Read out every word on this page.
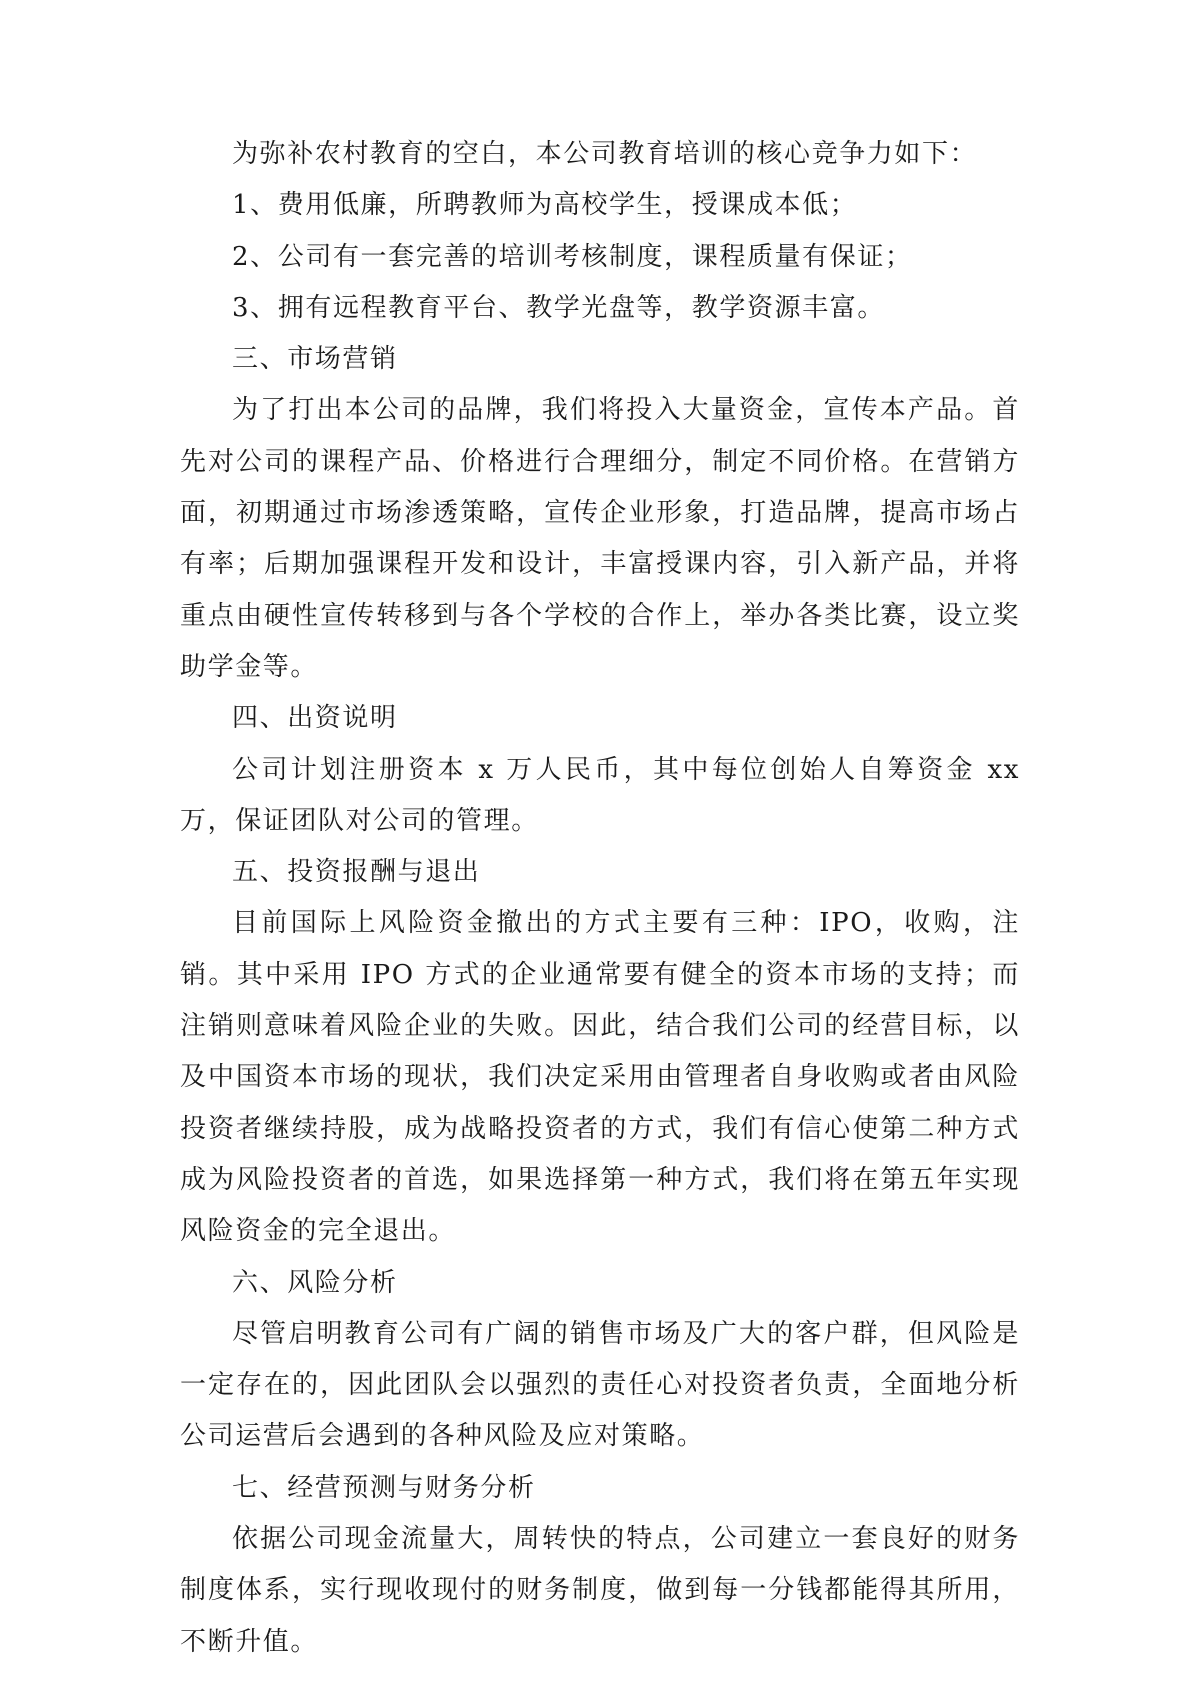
为弥补农村教育的空白，本公司教育培训的核心竞争力如下：

1、费用低廉，所聘教师为高校学生，授课成本低；

2、公司有一套完善的培训考核制度，课程质量有保证；

3、拥有远程教育平台、教学光盘等，教学资源丰富。

三、市场营销

为了打出本公司的品牌，我们将投入大量资金，宣传本产品。首先对公司的课程产品、价格进行合理细分，制定不同价格。在营销方面，初期通过市场渗透策略，宣传企业形象，打造品牌，提高市场占有率；后期加强课程开发和设计，丰富授课内容，引入新产品，并将重点由硬性宣传转移到与各个学校的合作上，举办各类比赛，设立奖助学金等。

四、出资说明

公司计划注册资本 x 万人民币，其中每位创始人自筹资金 xx 万，保证团队对公司的管理。

五、投资报酬与退出

目前国际上风险资金撤出的方式主要有三种：IPO，收购，注销。其中采用 IPO 方式的企业通常要有健全的资本市场的支持；而注销则意味着风险企业的失败。因此，结合我们公司的经营目标，以及中国资本市场的现状，我们决定采用由管理者自身收购或者由风险投资者继续持股，成为战略投资者的方式，我们有信心使第二种方式成为风险投资者的首选，如果选择第一种方式，我们将在第五年实现风险资金的完全退出。

六、风险分析

尽管启明教育公司有广阔的销售市场及广大的客户群，但风险是一定存在的，因此团队会以强烈的责任心对投资者负责，全面地分析公司运营后会遇到的各种风险及应对策略。

七、经营预测与财务分析

依据公司现金流量大，周转快的特点，公司建立一套良好的财务制度体系，实行现收现付的财务制度，做到每一分钱都能得其所用，不断升值。
